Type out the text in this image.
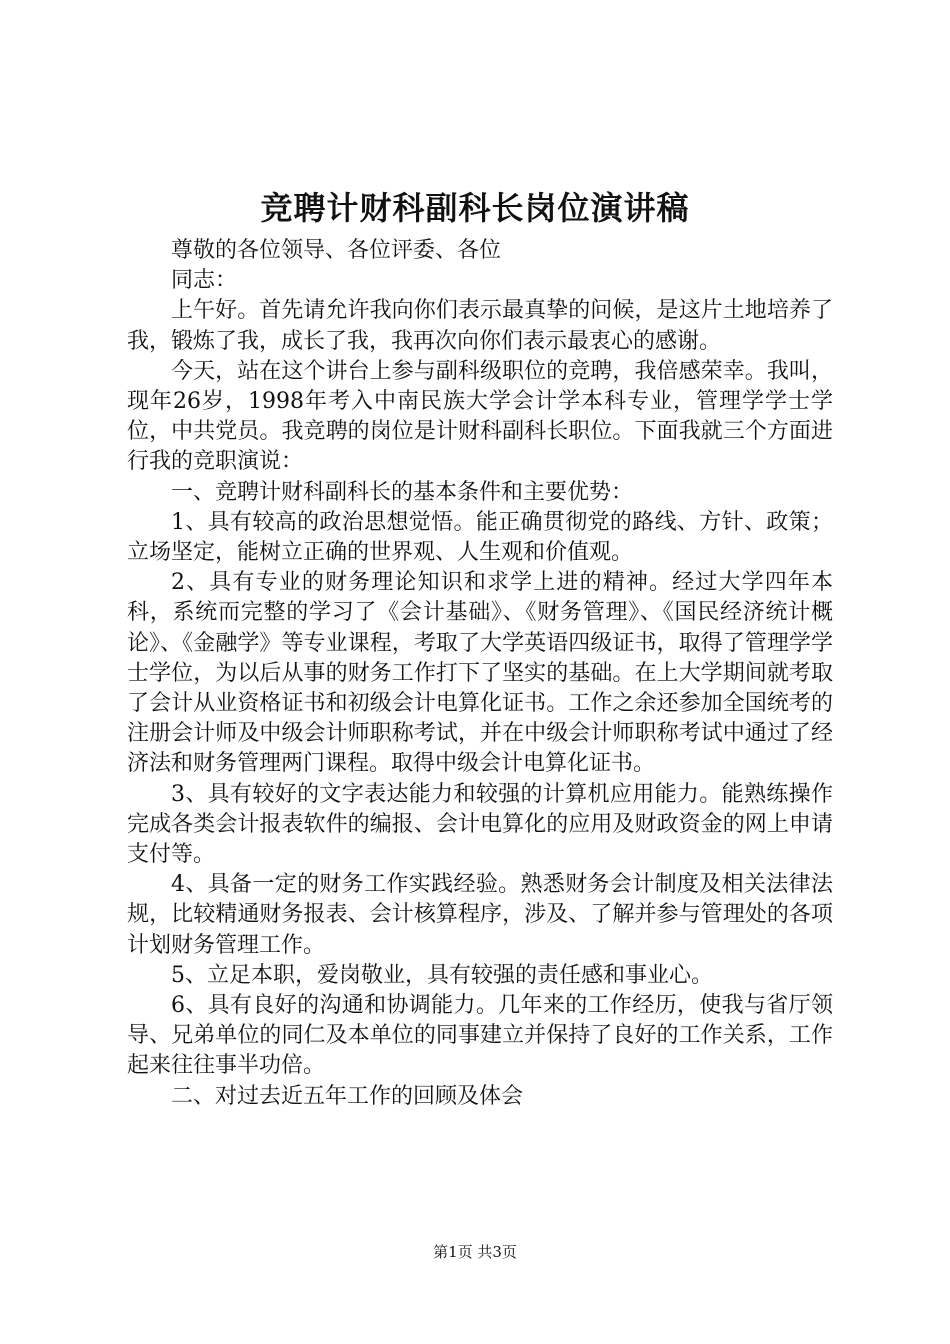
竞聘计财科副科长岗位演讲稿

尊敬的各位领导、各位评委、各位

同志：

上午好。首先请允许我向你们表示最真挚的问候，是这片土地培养了我，锻炼了我，成长了我，我再次向你们表示最衷心的感谢。

今天，站在这个讲台上参与副科级职位的竞聘，我倍感荣幸。我叫，现年26岁，1998年考入中南民族大学会计学本科专业，管理学学士学位，中共党员。我竞聘的岗位是计财科副科长职位。下面我就三个方面进行我的竞职演说：

一、竞聘计财科副科长的基本条件和主要优势：

1、具有较高的政治思想觉悟。能正确贯彻党的路线、方针、政策；立场坚定，能树立正确的世界观、人生观和价值观。

2、具有专业的财务理论知识和求学上进的精神。经过大学四年本科，系统而完整的学习了《会计基础》、《财务管理》、《国民经济统计概论》、《金融学》等专业课程，考取了大学英语四级证书，取得了管理学学士学位，为以后从事的财务工作打下了坚实的基础。在上大学期间就考取了会计从业资格证书和初级会计电算化证书。工作之余还参加全国统考的注册会计师及中级会计师职称考试，并在中级会计师职称考试中通过了经济法和财务管理两门课程。取得中级会计电算化证书。

3、具有较好的文字表达能力和较强的计算机应用能力。能熟练操作完成各类会计报表软件的编报、会计电算化的应用及财政资金的网上申请支付等。

4、具备一定的财务工作实践经验。熟悉财务会计制度及相关法律法规，比较精通财务报表、会计核算程序，涉及、了解并参与管理处的各项计划财务管理工作。

5、立足本职，爱岗敬业，具有较强的责任感和事业心。

6、具有良好的沟通和协调能力。几年来的工作经历，使我与省厅领导、兄弟单位的同仁及本单位的同事建立并保持了良好的工作关系，工作起来往往事半功倍。

二、对过去近五年工作的回顾及体会

第1页 共3页
